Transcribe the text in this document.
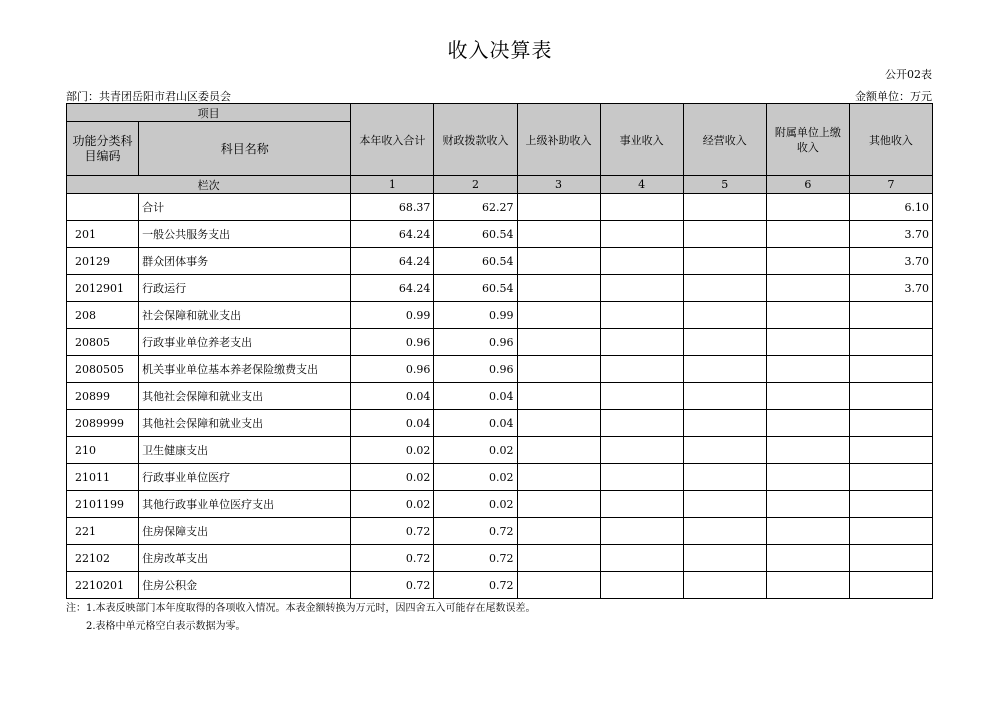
收入决算表
公开02表
部门：共青团岳阳市君山区委员会	金额单位：万元
项目		本年收入合计	财政拨款收入	上级补助收入	事业收入	经营收入	附属单位上缴收入	其他收入
功能分类科目编码	科目名称							
栏次		1	2	3	4	5	6	7
	合计	68.37	62.27					6.10
201	一般公共服务支出	64.24	60.54					3.70
20129	群众团体事务	64.24	60.54					3.70
2012901	行政运行	64.24	60.54					3.70
208	社会保障和就业支出	0.99	0.99					
20805	行政事业单位养老支出	0.96	0.96					
2080505	机关事业单位基本养老保险缴费支出	0.96	0.96					
20899	其他社会保障和就业支出	0.04	0.04					
2089999	其他社会保障和就业支出	0.04	0.04					
210	卫生健康支出	0.02	0.02					
21011	行政事业单位医疗	0.02	0.02					
2101199	其他行政事业单位医疗支出	0.02	0.02					
221	住房保障支出	0.72	0.72					
22102	住房改革支出	0.72	0.72					
2210201	住房公积金	0.72	0.72					
注：1.本表反映部门本年度取得的各项收入情况。本表金额转换为万元时，因四舍五入可能存在尾数误差。
2.表格中单元格空白表示数据为零。
